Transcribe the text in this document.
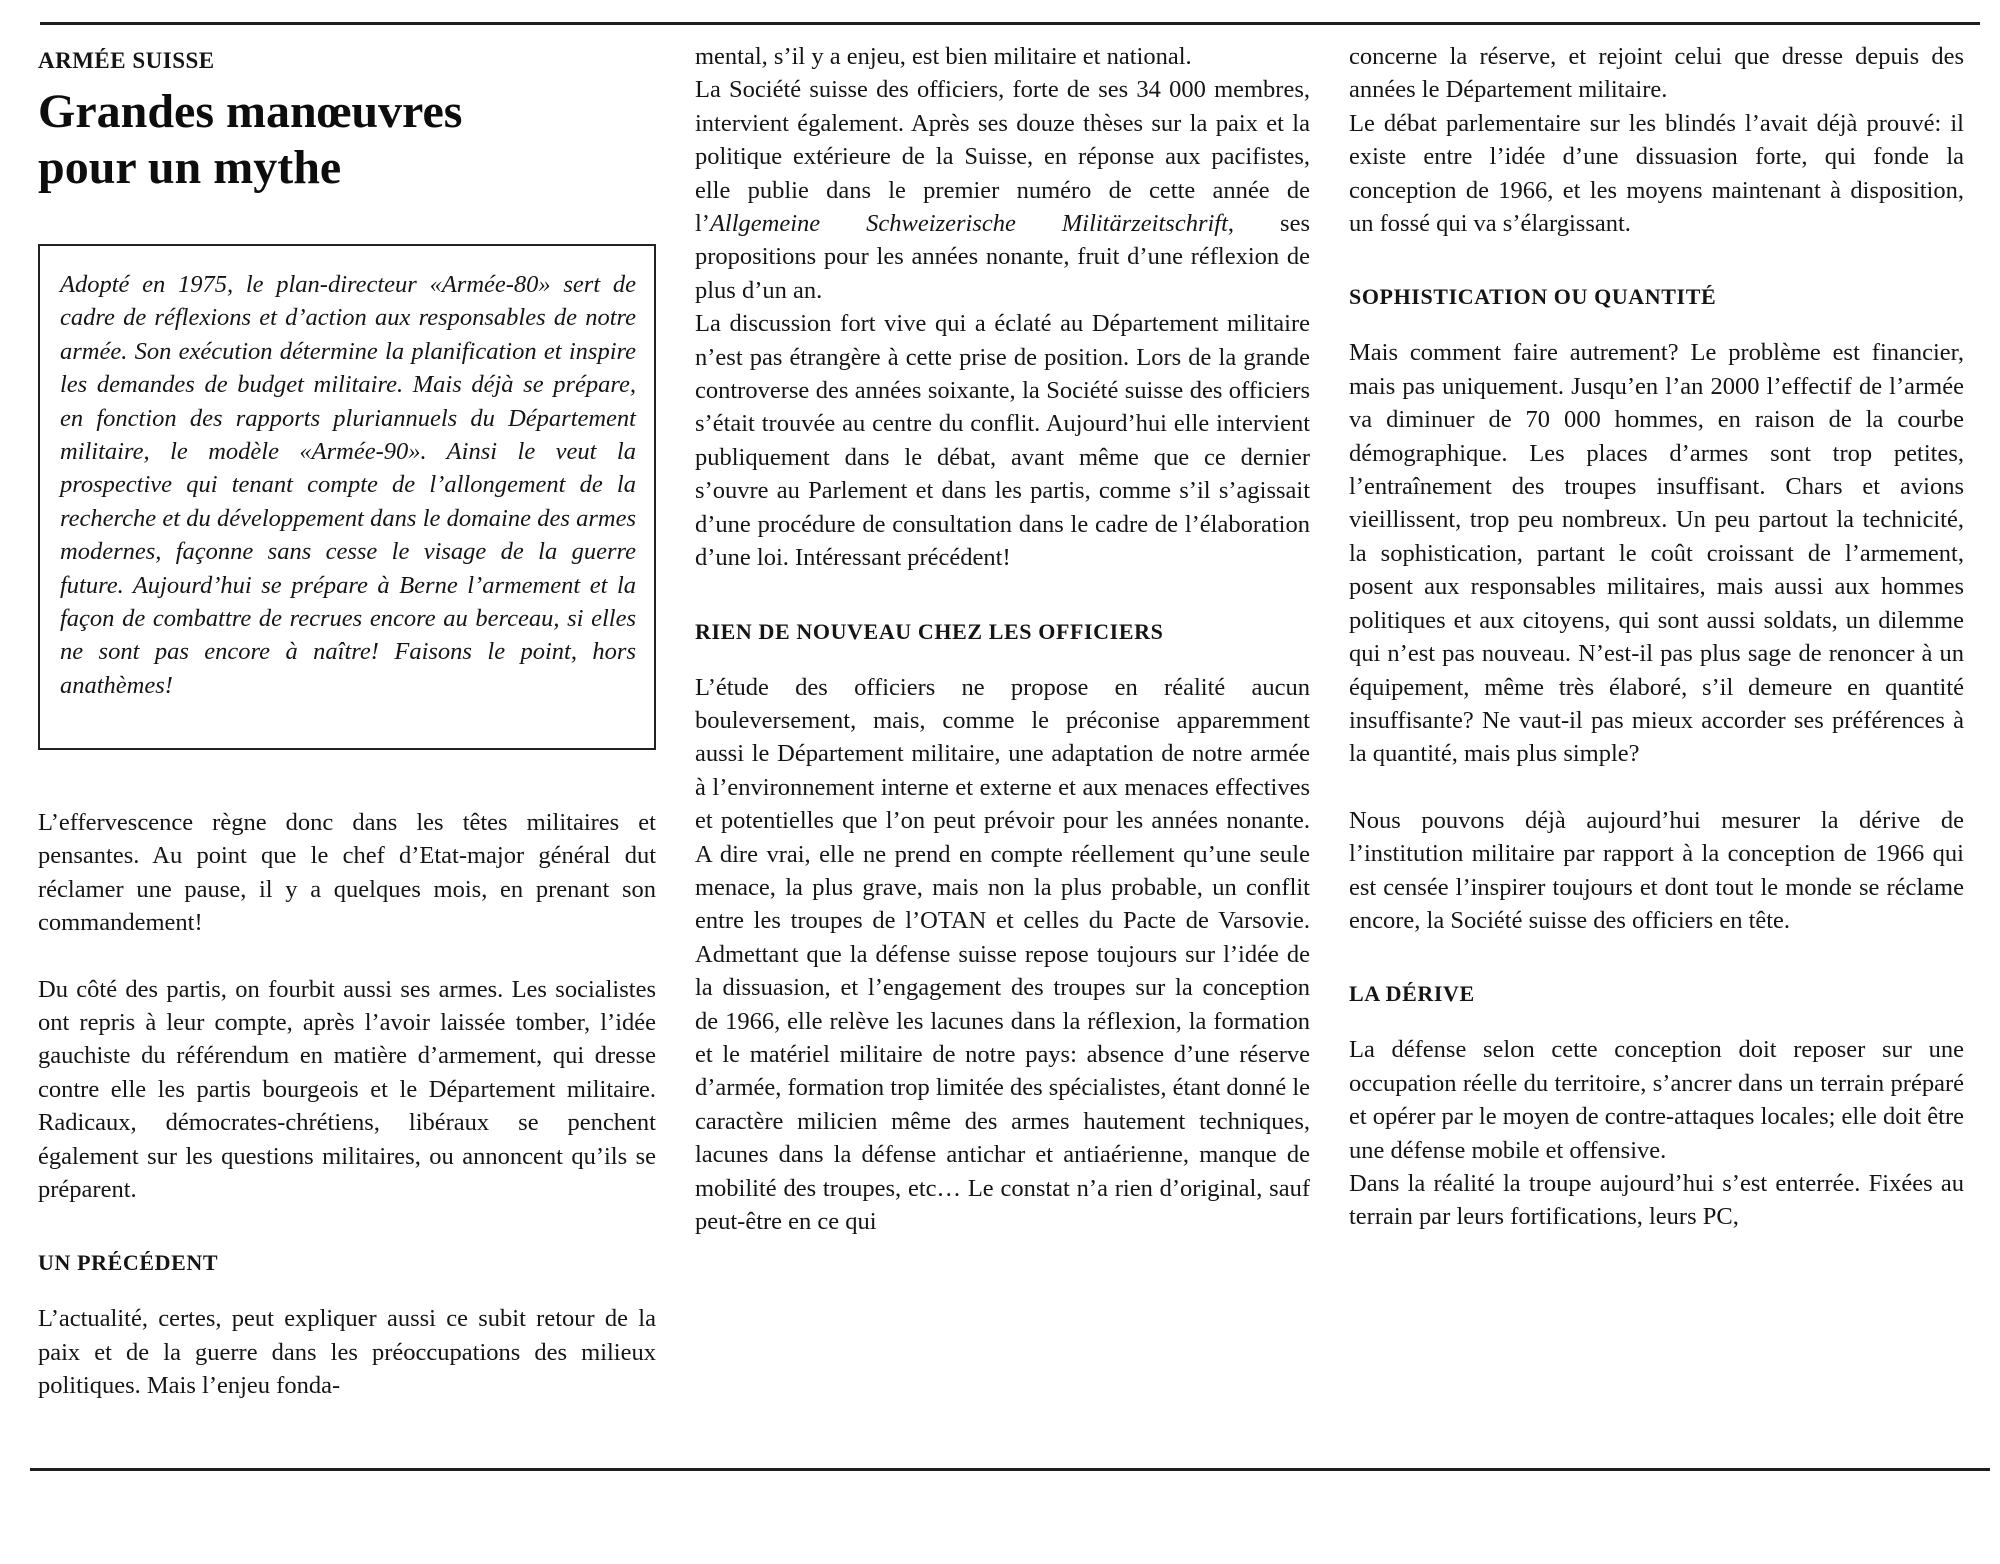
ARMÉE SUISSE
Grandes manœuvres
pour un mythe

Adopté en 1975, le plan-directeur «Armée-80» sert de cadre de réflexions et d’action aux responsables de notre armée. Son exécution détermine la planification et inspire les demandes de budget militaire. Mais déjà se prépare, en fonction des rapports pluriannuels du Département militaire, le modèle «Armée-90». Ainsi le veut la prospective qui tenant compte de l’allongement de la recherche et du développement dans le domaine des armes modernes, façonne sans cesse le visage de la guerre future. Aujourd’hui se prépare à Berne l’armement et la façon de combattre de recrues encore au berceau, si elles ne sont pas encore à naître! Faisons le point, hors anathèmes!

L’effervescence règne donc dans les têtes militaires et pensantes. Au point que le chef d’Etat-major général dut réclamer une pause, il y a quelques mois, en prenant son commandement!

Du côté des partis, on fourbit aussi ses armes. Les socialistes ont repris à leur compte, après l’avoir laissée tomber, l’idée gauchiste du référendum en matière d’armement, qui dresse contre elle les partis bourgeois et le Département militaire. Radicaux, démocrates-chrétiens, libéraux se penchent également sur les questions militaires, ou annoncent qu’ils se préparent.

UN PRÉCÉDENT

L’actualité, certes, peut expliquer aussi ce subit retour de la paix et de la guerre dans les préoccupations des milieux politiques. Mais l’enjeu fonda-

mental, s’il y a enjeu, est bien militaire et national.

La Société suisse des officiers, forte de ses 34 000 membres, intervient également. Après ses douze thèses sur la paix et la politique extérieure de la Suisse, en réponse aux pacifistes, elle publie dans le premier numéro de cette année de l’Allgemeine Schweizerische Militärzeitschrift, ses propositions pour les années nonante, fruit d’une réflexion de plus d’un an.

La discussion fort vive qui a éclaté au Département militaire n’est pas étrangère à cette prise de position. Lors de la grande controverse des années soixante, la Société suisse des officiers s’était trouvée au centre du conflit. Aujourd’hui elle intervient publiquement dans le débat, avant même que ce dernier s’ouvre au Parlement et dans les partis, comme s’il s’agissait d’une procédure de consultation dans le cadre de l’élaboration d’une loi. Intéressant précédent!

RIEN DE NOUVEAU CHEZ LES OFFICIERS

L’étude des officiers ne propose en réalité aucun bouleversement, mais, comme le préconise apparemment aussi le Département militaire, une adaptation de notre armée à l’environnement interne et externe et aux menaces effectives et potentielles que l’on peut prévoir pour les années nonante. A dire vrai, elle ne prend en compte réellement qu’une seule menace, la plus grave, mais non la plus probable, un conflit entre les troupes de l’OTAN et celles du Pacte de Varsovie. Admettant que la défense suisse repose toujours sur l’idée de la dissuasion, et l’engagement des troupes sur la conception de 1966, elle relève les lacunes dans la réflexion, la formation et le matériel militaire de notre pays: absence d’une réserve d’armée, formation trop limitée des spécialistes, étant donné le caractère milicien même des armes hautement techniques, lacunes dans la défense antichar et antiaérienne, manque de mobilité des troupes, etc… Le constat n’a rien d’original, sauf peut-être en ce qui

concerne la réserve, et rejoint celui que dresse depuis des années le Département militaire.

Le débat parlementaire sur les blindés l’avait déjà prouvé: il existe entre l’idée d’une dissuasion forte, qui fonde la conception de 1966, et les moyens maintenant à disposition, un fossé qui va s’élargissant.

SOPHISTICATION OU QUANTITÉ

Mais comment faire autrement? Le problème est financier, mais pas uniquement. Jusqu’en l’an 2000 l’effectif de l’armée va diminuer de 70 000 hommes, en raison de la courbe démographique. Les places d’armes sont trop petites, l’entraînement des troupes insuffisant. Chars et avions vieillissent, trop peu nombreux. Un peu partout la technicité, la sophistication, partant le coût croissant de l’armement, posent aux responsables militaires, mais aussi aux hommes politiques et aux citoyens, qui sont aussi soldats, un dilemme qui n’est pas nouveau. N’est-il pas plus sage de renoncer à un équipement, même très élaboré, s’il demeure en quantité insuffisante? Ne vaut-il pas mieux accorder ses préférences à la quantité, mais plus simple?

Nous pouvons déjà aujourd’hui mesurer la dérive de l’institution militaire par rapport à la conception de 1966 qui est censée l’inspirer toujours et dont tout le monde se réclame encore, la Société suisse des officiers en tête.

LA DÉRIVE

La défense selon cette conception doit reposer sur une occupation réelle du territoire, s’ancrer dans un terrain préparé et opérer par le moyen de contre-attaques locales; elle doit être une défense mobile et offensive.

Dans la réalité la troupe aujourd’hui s’est enterrée. Fixées au terrain par leurs fortifications, leurs PC,
